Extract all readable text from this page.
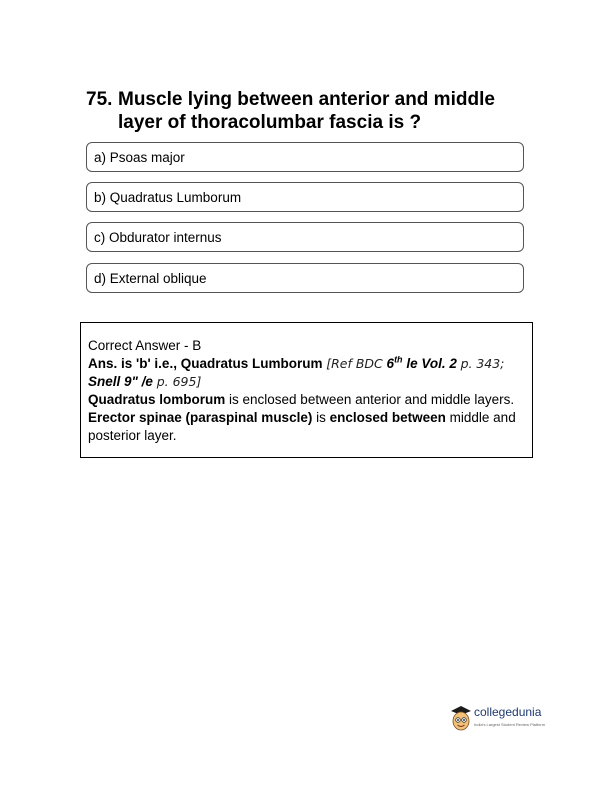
75. Muscle lying between anterior and middle layer of thoracolumbar fascia is ?
a) Psoas major
b) Quadratus Lumborum
c) Obdurator internus
d) External oblique

Correct Answer - B

Ans. is 'b' i.e., Quadratus Lumborum [Ref BDC 6th le Vol. 2 p. 343; Snell 9" /e p. 695]

Quadratus lomborum is enclosed between anterior and middle layers. Erector spinae (paraspinal muscle) is enclosed between middle and posterior layer.

collegedunia
India's Largest Student Review Platform
